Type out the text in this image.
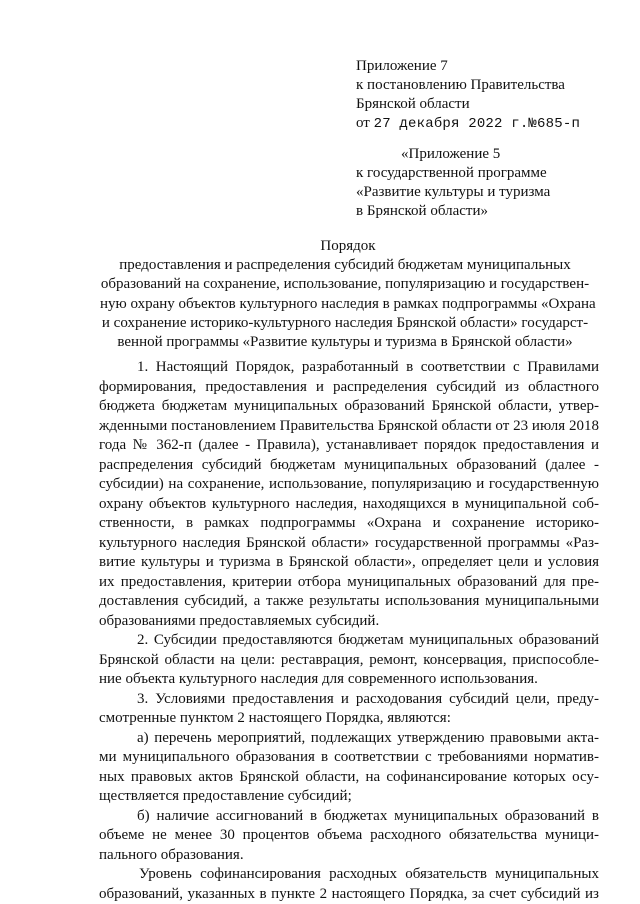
Приложение 7
к постановлению Правительства
Брянской области
от 27 декабря 2022 г.№685-п
«Приложение 5
к государственной программе
«Развитие культуры и туризма
в Брянской области»
Порядок
предоставления и распределения субсидий бюджетам муниципальных
образований на сохранение, использование, популяризацию и государствен-
ную охрану объектов культурного наследия в рамках подпрограммы «Охрана
и сохранение историко-культурного наследия Брянской области» государст-
венной программы «Развитие культуры и туризма в Брянской области»
1. Настоящий Порядок, разработанный в соответствии с Правилами
формирования, предоставления и распределения субсидий из областного
бюджета бюджетам муниципальных образований Брянской области, утвер-
жденными постановлением Правительства Брянской области от 23 июля 2018
года № 362-п (далее - Правила), устанавливает порядок предоставления и
распределения субсидий бюджетам муниципальных образований (далее -
субсидии) на сохранение, использование, популяризацию и государственную
охрану объектов культурного наследия, находящихся в муниципальной соб-
ственности, в рамках подпрограммы «Охрана и сохранение историко-
культурного наследия Брянской области» государственной программы «Раз-
витие культуры и туризма в Брянской области», определяет цели и условия
их предоставления, критерии отбора муниципальных образований для пре-
доставления субсидий, а также результаты использования муниципальными
образованиями предоставляемых субсидий.
2. Субсидии предоставляются бюджетам муниципальных образований
Брянской области на цели: реставрация, ремонт, консервация, приспособле-
ние объекта культурного наследия для современного использования.
3. Условиями предоставления и расходования субсидий цели, преду-
смотренные пунктом 2 настоящего Порядка, являются:
а) перечень мероприятий, подлежащих утверждению правовыми акта-
ми муниципального образования в соответствии с требованиями норматив-
ных правовых актов Брянской области, на софинансирование которых осу-
ществляется предоставление субсидий;
б) наличие ассигнований в бюджетах муниципальных образований в
объеме не менее 30 процентов объема расходного обязательства муници-
пального образования.
Уровень софинансирования расходных обязательств муниципальных
образований, указанных в пункте 2 настоящего Порядка, за счет субсидий из
